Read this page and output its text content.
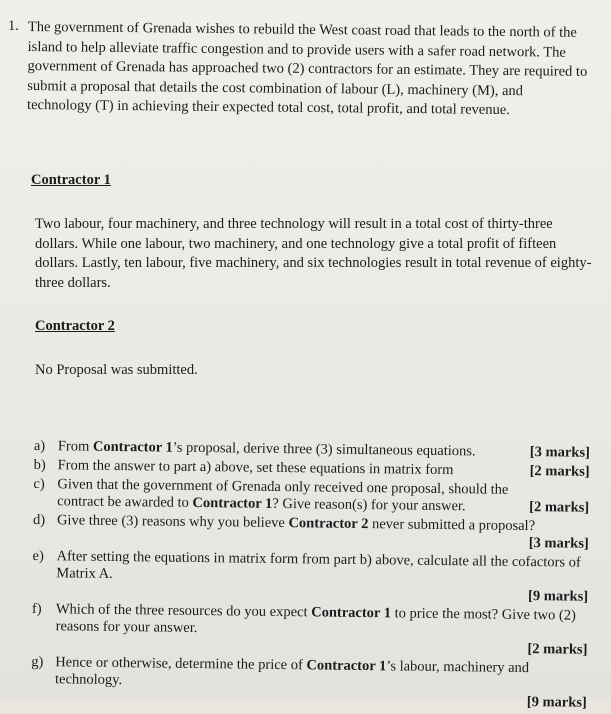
1. The government of Grenada wishes to rebuild the West coast road that leads to the north of the island to help alleviate traffic congestion and to provide users with a safer road network. The government of Grenada has approached two (2) contractors for an estimate. They are required to submit a proposal that details the cost combination of labour (L), machinery (M), and technology (T) in achieving their expected total cost, total profit, and total revenue.
Contractor 1
Two labour, four machinery, and three technology will result in a total cost of thirty-three dollars. While one labour, two machinery, and one technology give a total profit of fifteen dollars. Lastly, ten labour, five machinery, and six technologies result in total revenue of eighty-three dollars.
Contractor 2
No Proposal was submitted.
a) From Contractor 1’s proposal, derive three (3) simultaneous equations.	[3 marks]
b) From the answer to part a) above, set these equations in matrix form	[2 marks]
c) Given that the government of Grenada only received one proposal, should the contract be awarded to Contractor 1? Give reason(s) for your answer.	[2 marks]
d) Give three (3) reasons why you believe Contractor 2 never submitted a proposal?
[3 marks]
e) After setting the equations in matrix form from part b) above, calculate all the cofactors of Matrix A.
[9 marks]
f) Which of the three resources do you expect Contractor 1 to price the most? Give two (2) reasons for your answer.
[2 marks]
g) Hence or otherwise, determine the price of Contractor 1’s labour, machinery and technology.
[9 marks]
